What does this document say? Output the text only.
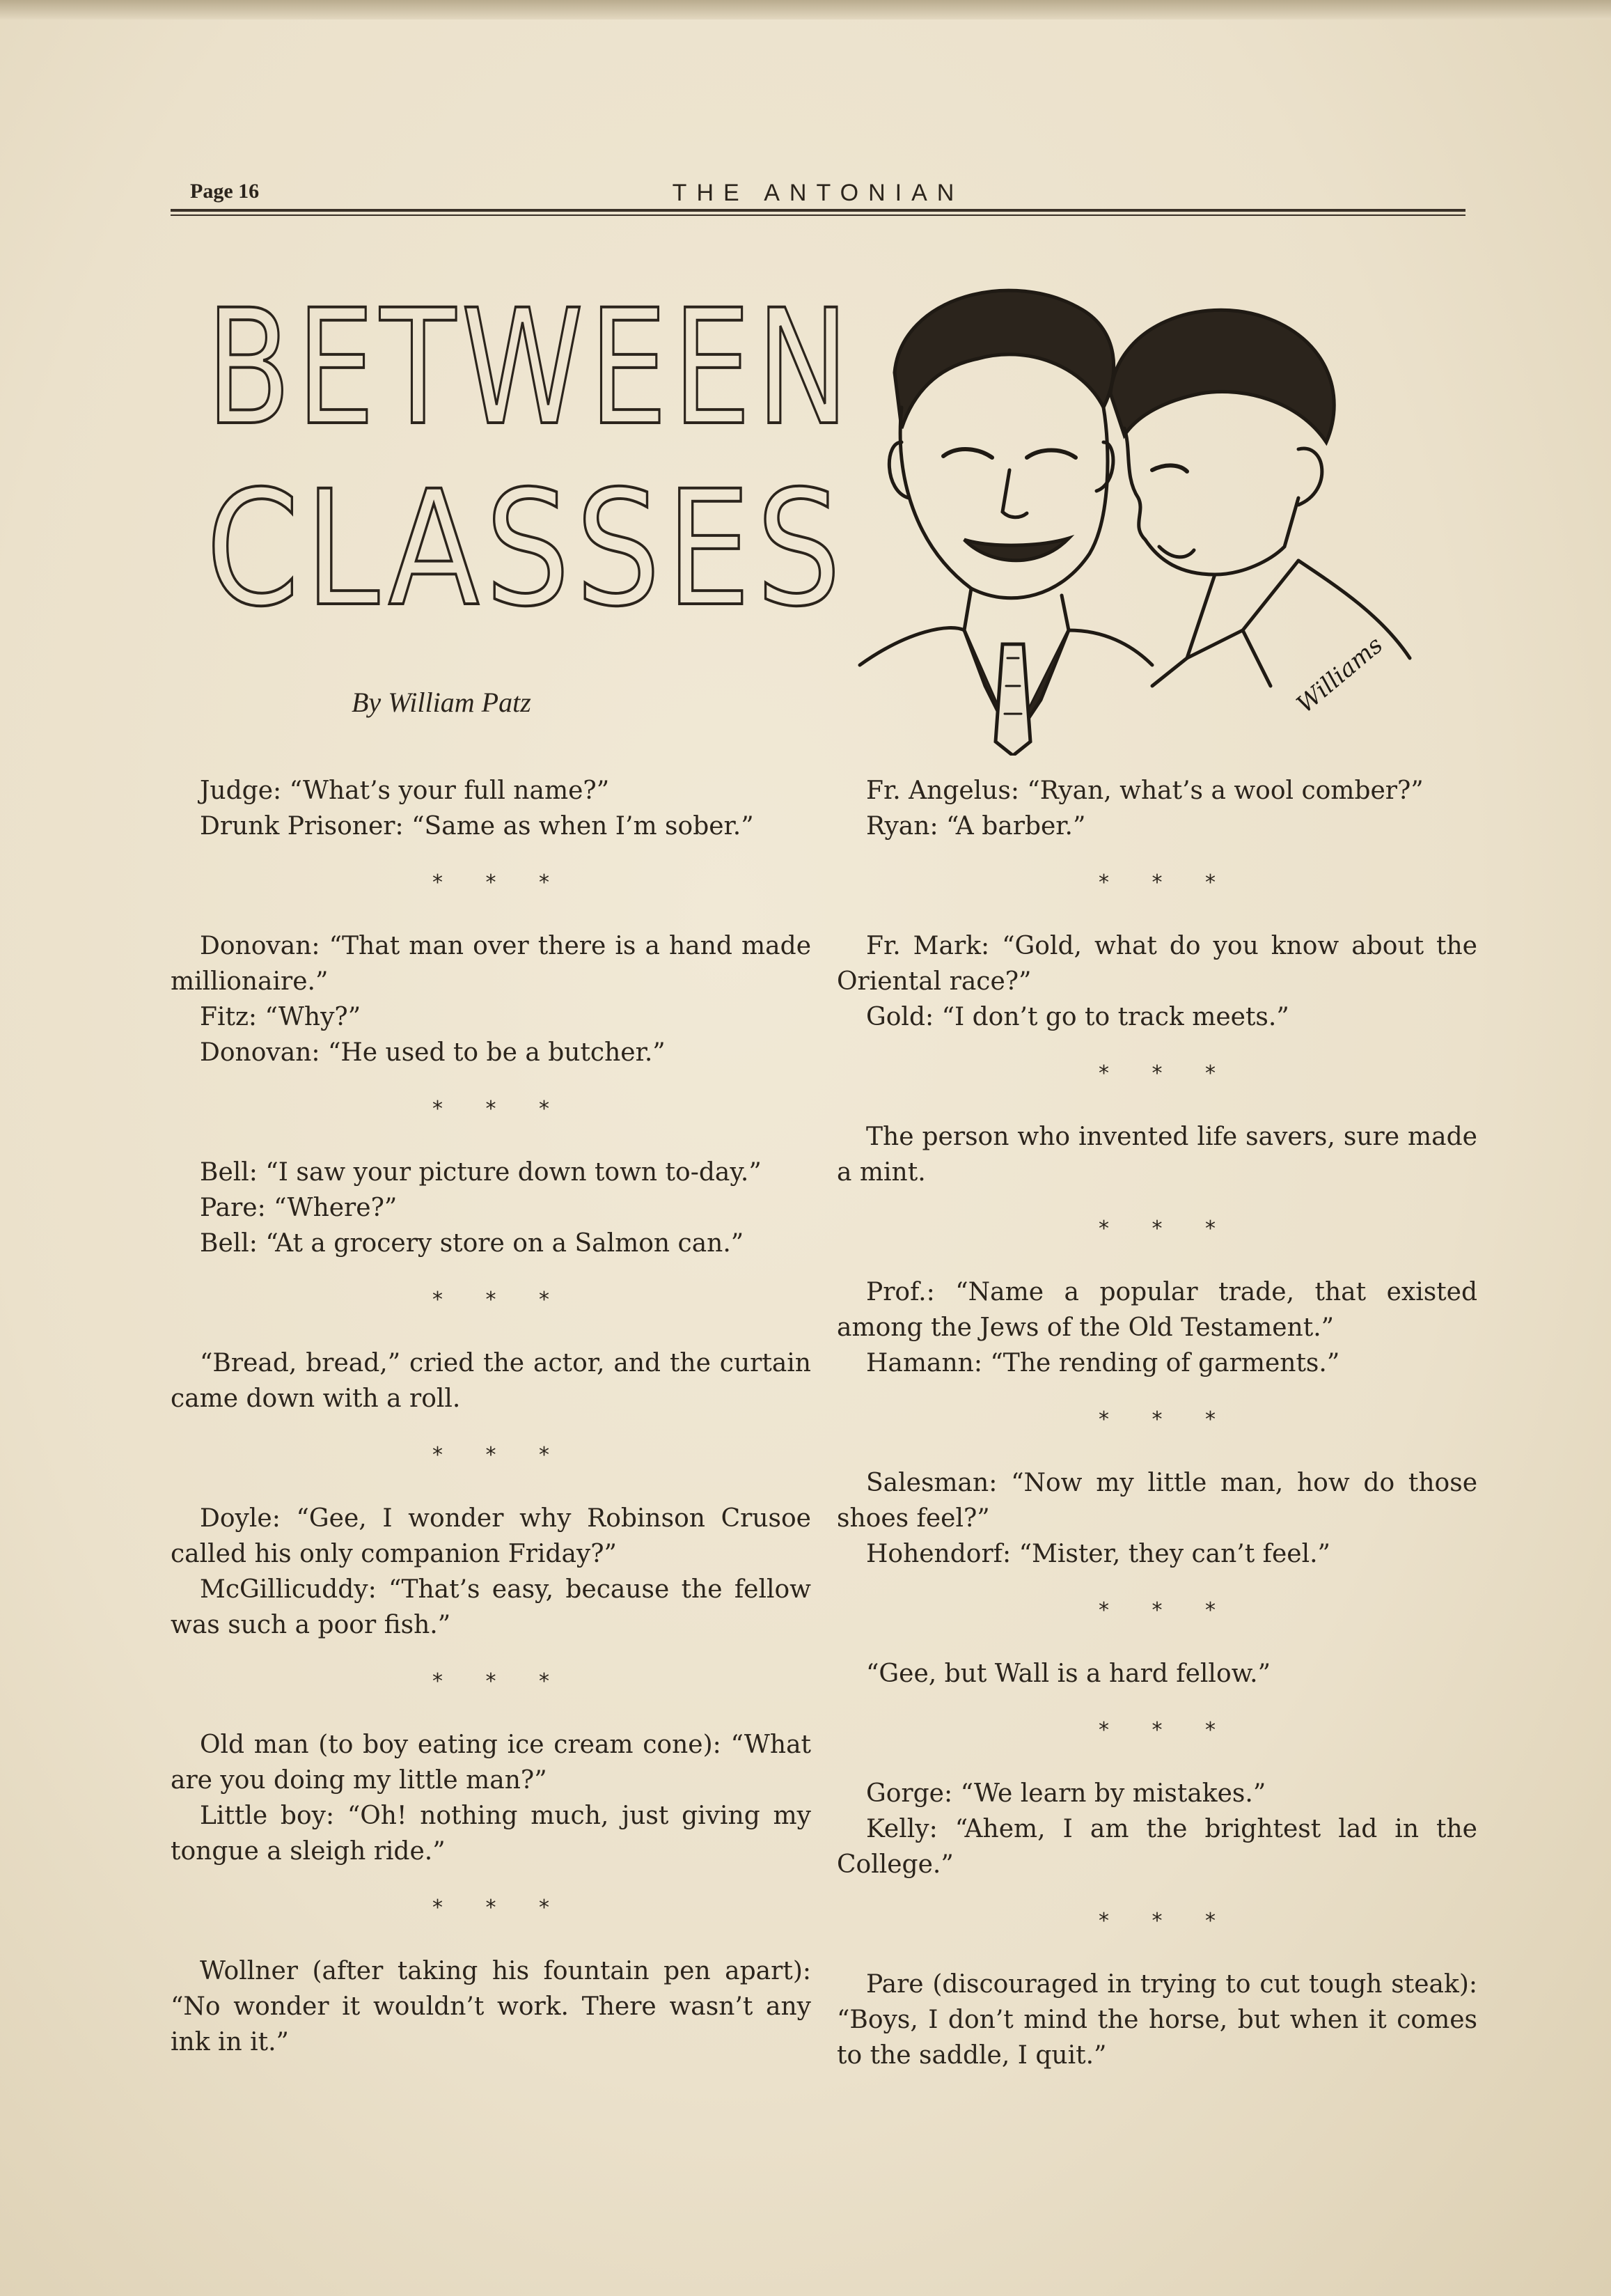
Page 16	THE ANTONIAN
BETWEEN
CLASSES
Williams
By William Patz

Judge: “What’s your full name?”

Drunk Prisoner: “Same as when I’m sober.”

* * *

Donovan: “That man over there is a hand made millionaire.”

Fitz: “Why?”

Donovan: “He used to be a butcher.”

* * *

Bell: “I saw your picture down town to-day.”

Pare: “Where?”

Bell: “At a grocery store on a Salmon can.”

* * *

“Bread, bread,” cried the actor, and the curtain came down with a roll.

* * *

Doyle: “Gee, I wonder why Robinson Crusoe called his only companion Friday?”

McGillicuddy: “That’s easy, because the fellow was such a poor fish.”

* * *

Old man (to boy eating ice cream cone): “What are you doing my little man?”

Little boy: “Oh! nothing much, just giving my tongue a sleigh ride.”

* * *

Wollner (after taking his fountain pen apart): “No wonder it wouldn’t work. There wasn’t any ink in it.”

Fr. Angelus: “Ryan, what’s a wool comber?”

Ryan: “A barber.”

* * *

Fr. Mark: “Gold, what do you know about the Oriental race?”

Gold: “I don’t go to track meets.”

* * *

The person who invented life savers, sure made a mint.

* * *

Prof.: “Name a popular trade, that existed among the Jews of the Old Testament.”

Hamann: “The rending of garments.”

* * *

Salesman: “Now my little man, how do those shoes feel?”

Hohendorf: “Mister, they can’t feel.”

* * *

“Gee, but Wall is a hard fellow.”

* * *

Gorge: “We learn by mistakes.”

Kelly: “Ahem, I am the brightest lad in the College.”

* * *

Pare (discouraged in trying to cut tough steak): “Boys, I don’t mind the horse, but when it comes to the saddle, I quit.”
